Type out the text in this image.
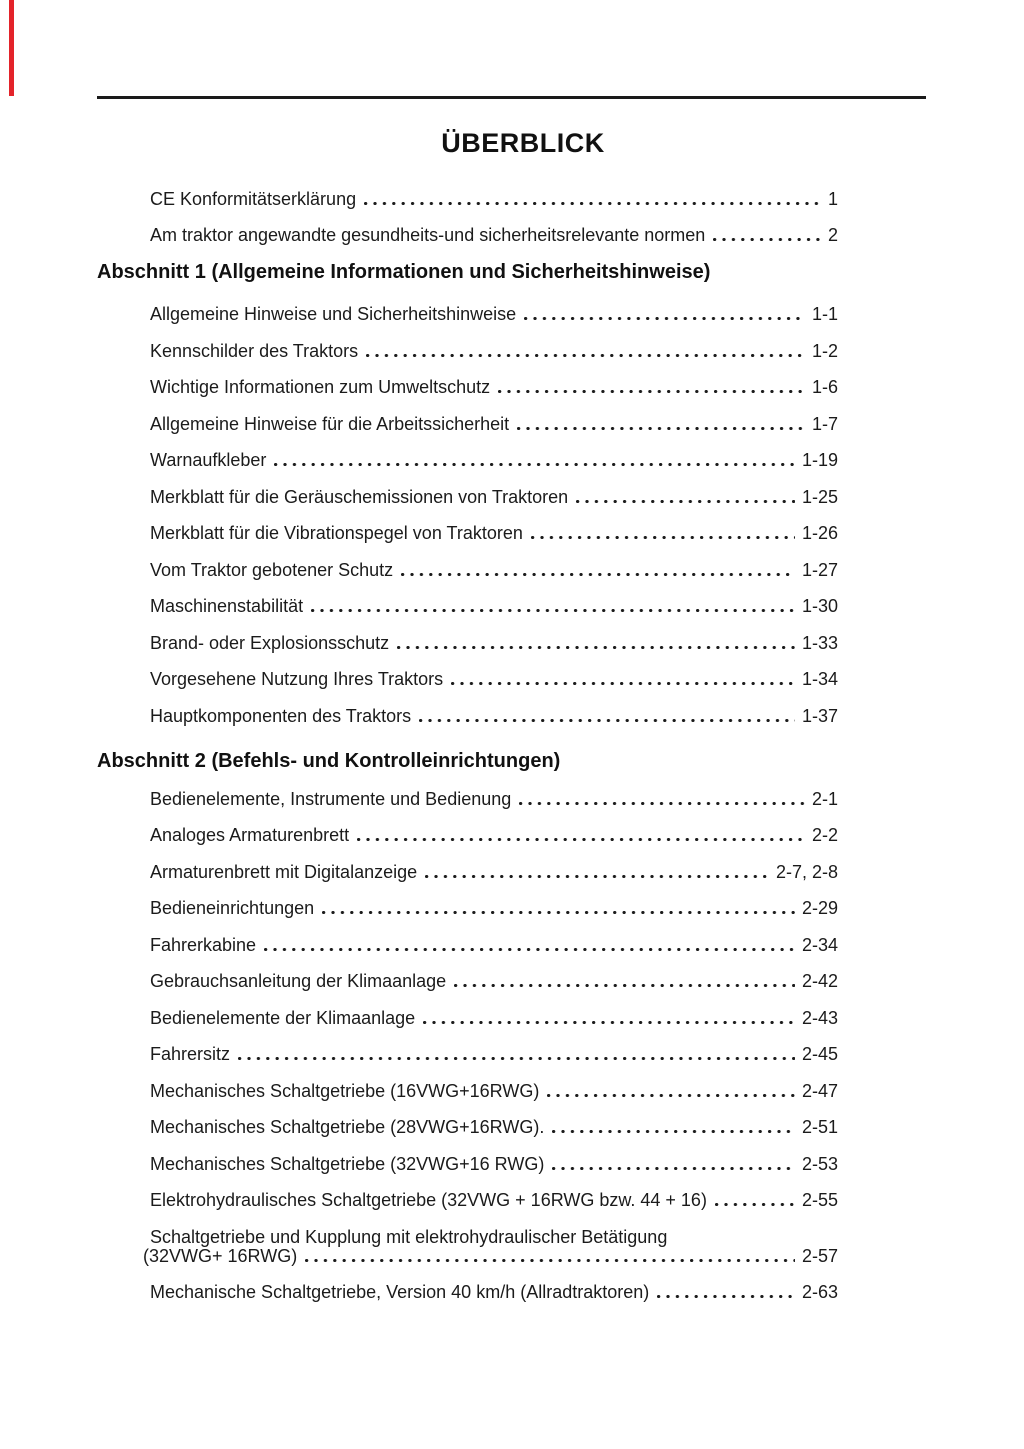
ÜBERBLICK
CE Konformitätserklärung	1
Am traktor angewandte gesundheits-und sicherheitsrelevante normen	2
Abschnitt 1 (Allgemeine Informationen und Sicherheitshinweise)
Allgemeine Hinweise und Sicherheitshinweise	1-1
Kennschilder des Traktors	1-2
Wichtige Informationen zum Umweltschutz	1-6
Allgemeine Hinweise für die Arbeitssicherheit	1-7
Warnaufkleber	1-19
Merkblatt für die Geräuschemissionen von Traktoren	1-25
Merkblatt für die Vibrationspegel von Traktoren	1-26
Vom Traktor gebotener Schutz	1-27
Maschinenstabilität	1-30
Brand- oder Explosionsschutz	1-33
Vorgesehene Nutzung Ihres Traktors	1-34
Hauptkomponenten des Traktors	1-37
Abschnitt 2 (Befehls- und Kontrolleinrichtungen)
Bedienelemente, Instrumente und Bedienung	2-1
Analoges Armaturenbrett	2-2
Armaturenbrett mit Digitalanzeige	2-7, 2-8
Bedieneinrichtungen	2-29
Fahrerkabine	2-34
Gebrauchsanleitung der Klimaanlage	2-42
Bedienelemente der Klimaanlage	2-43
Fahrersitz	2-45
Mechanisches Schaltgetriebe (16VWG+16RWG)	2-47
Mechanisches Schaltgetriebe (28VWG+16RWG).	2-51
Mechanisches Schaltgetriebe (32VWG+16 RWG)	2-53
Elektrohydraulisches Schaltgetriebe (32VWG + 16RWG bzw. 44 + 16)	2-55
Schaltgetriebe und Kupplung mit elektrohydraulischer Betätigung
(32VWG+ 16RWG)	2-57
Mechanische Schaltgetriebe, Version 40 km/h (Allradtraktoren)	2-63
